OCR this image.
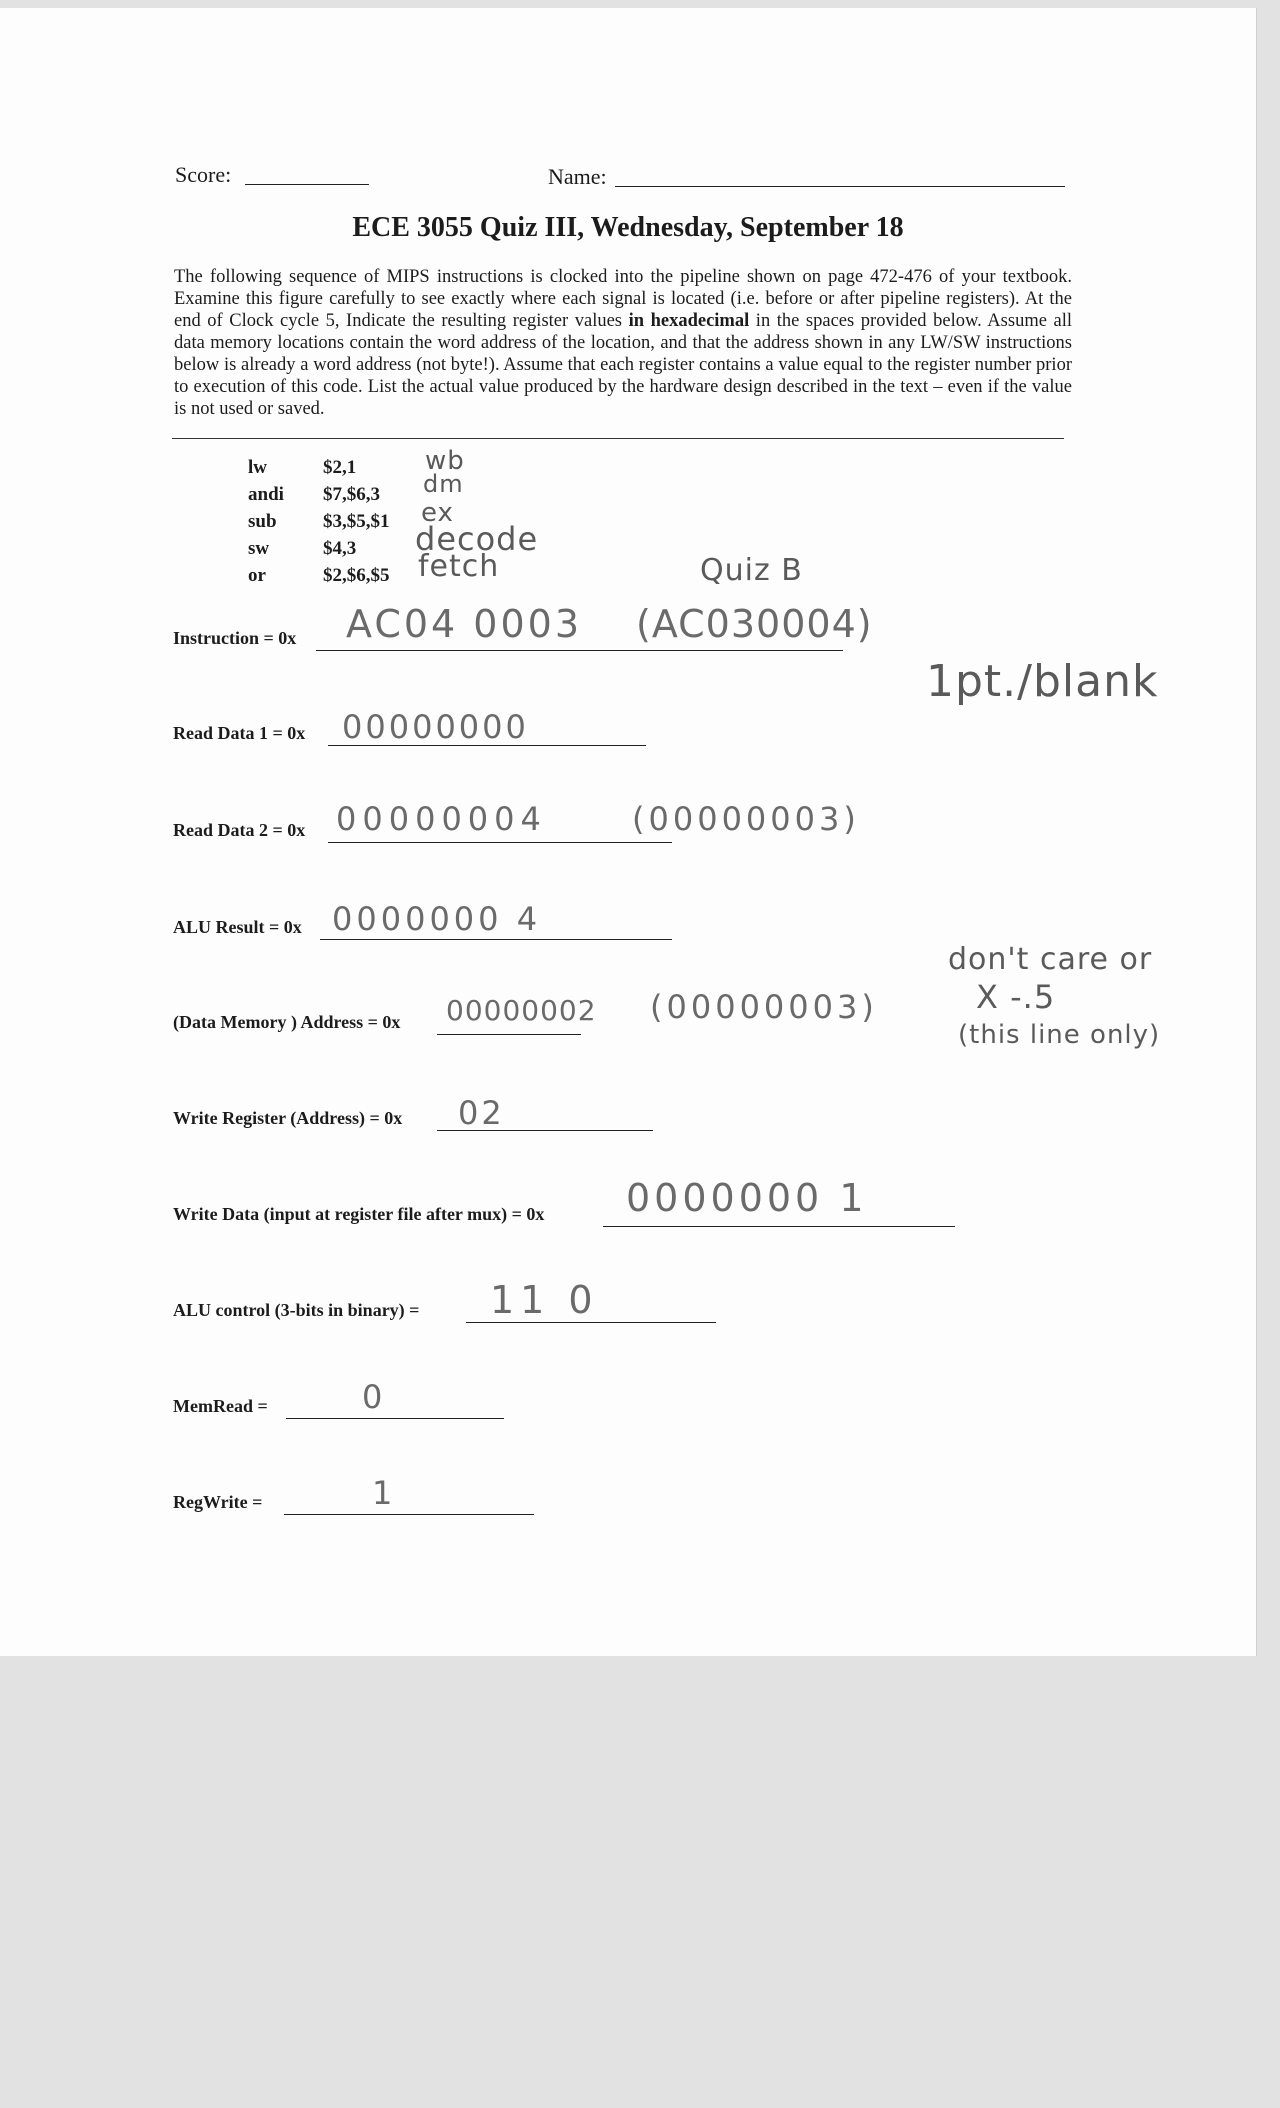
Score:	Name:
ECE 3055 Quiz III, Wednesday, September 18
The following sequence of MIPS instructions is clocked into the pipeline shown on page 472-476 of your textbook. Examine this figure carefully to see exactly where each signal is located (i.e. before or after pipeline registers). At the end of Clock cycle 5, Indicate the resulting register values in hexadecimal in the spaces provided below. Assume all data memory locations contain the word address of the location, and that the address shown in any LW/SW instructions below is already a word address (not byte!). Assume that each register contains a value equal to the register number prior to execution of this code. List the actual value produced by the hardware design described in the text – even if the value is not used or saved.
lw	$2,1
andi	$7,$6,3
sub	$3,$5,$1
sw	$4,3
or	$2,$6,$5
wb
dm
ex
decode
fetch	Quiz B
Instruction = 0x AC04 0003 (AC030004)
1pt./blank
Read Data 1 = 0x 00000000
Read Data 2 = 0x 00000004	(00000003)
ALU Result = 0x 0000000 4
don't care or
X -.5
(this line only)
(Data Memory ) Address = 0x 00000002 (00000003)
Write Register (Address) = 0x 02
Write Data (input at register file after mux) = 0x 0000000 1
ALU control (3-bits in binary) = 11 0
MemRead =	0
RegWrite =	1
